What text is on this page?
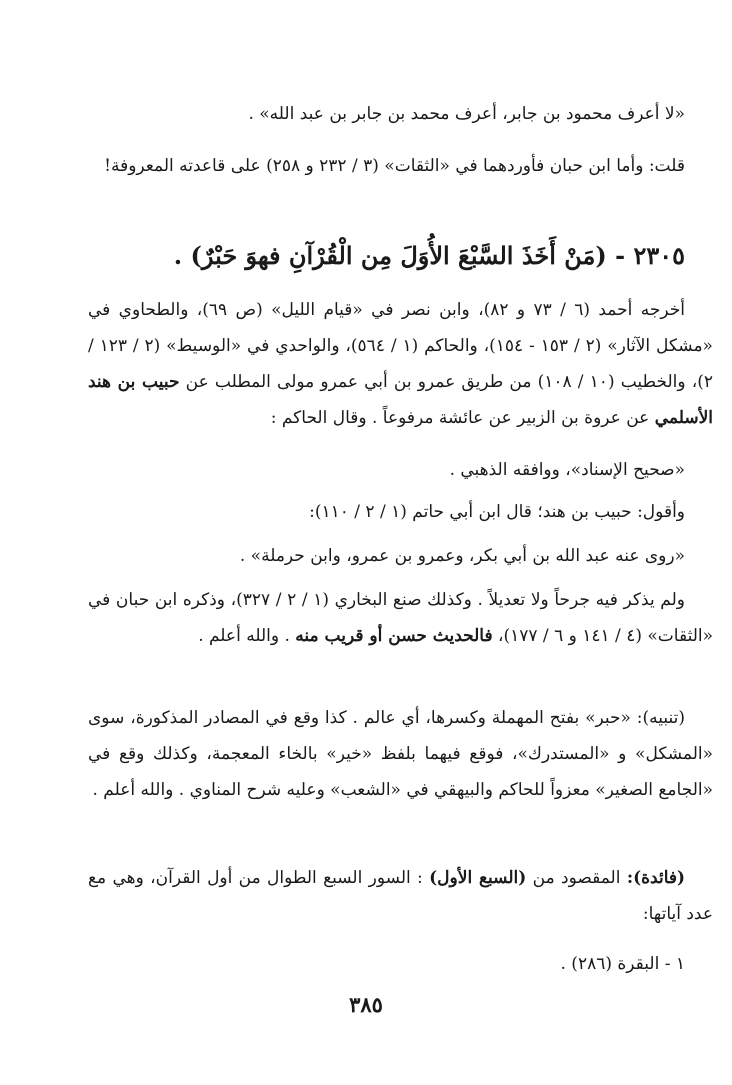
«لا أعرف محمود بن جابر، أعرف محمد بن جابر بن عبد الله» .

قلت: وأما ابن حبان فأوردهما في «الثقات» (٣ / ٢٣٢ و ٢٥٨) على قاعدته المعروفة!

٢٣٠٥ - (مَنْ أَخَذَ السَّبْعَ الأُوَلَ مِن الْقُرْآنِ فهوَ حَبْرٌ) .

أخرجه أحمد (٦ / ٧٣ و ٨٢)، وابن نصر في «قيام الليل» (ص ٦٩)، والطحاوي في «مشكل الآثار» (٢ / ١٥٣ - ١٥٤)، والحاكم (١ / ٥٦٤)، والواحدي في «الوسيط» (٢ / ١٢٣ / ٢)، والخطيب (١٠ / ١٠٨) من طريق عمرو بن أبي عمرو مولى المطلب عن حبيب بن هند الأسلمي عن عروة بن الزبير عن عائشة مرفوعاً . وقال الحاكم :

«صحيح الإسناد»، ووافقه الذهبي .

وأقول: حبيب بن هند؛ قال ابن أبي حاتم (١ / ٢ / ١١٠):

«روى عنه عبد الله بن أبي بكر، وعمرو بن عمرو، وابن حرملة» .

ولم يذكر فيه جرحاً ولا تعديلاً . وكذلك صنع البخاري (١ / ٢ / ٣٢٧)، وذكره ابن حبان في «الثقات» (٤ / ١٤١ و ٦ / ١٧٧)، فالحديث حسن أو قريب منه . والله أعلم .

(تنبيه): «حبر» بفتح المهملة وكسرها، أي عالم . كذا وقع في المصادر المذكورة، سوى «المشكل» و «المستدرك»، فوقع فيهما بلفظ «خير» بالخاء المعجمة، وكذلك وقع في «الجامع الصغير» معزواً للحاكم والبيهقي في «الشعب» وعليه شرح المناوي . والله أعلم .

(فائدة): المقصود من (السبع الأول) : السور السبع الطوال من أول القرآن، وهي مع عدد آياتها:

١ - البقرة (٢٨٦) .

٣٨٥
